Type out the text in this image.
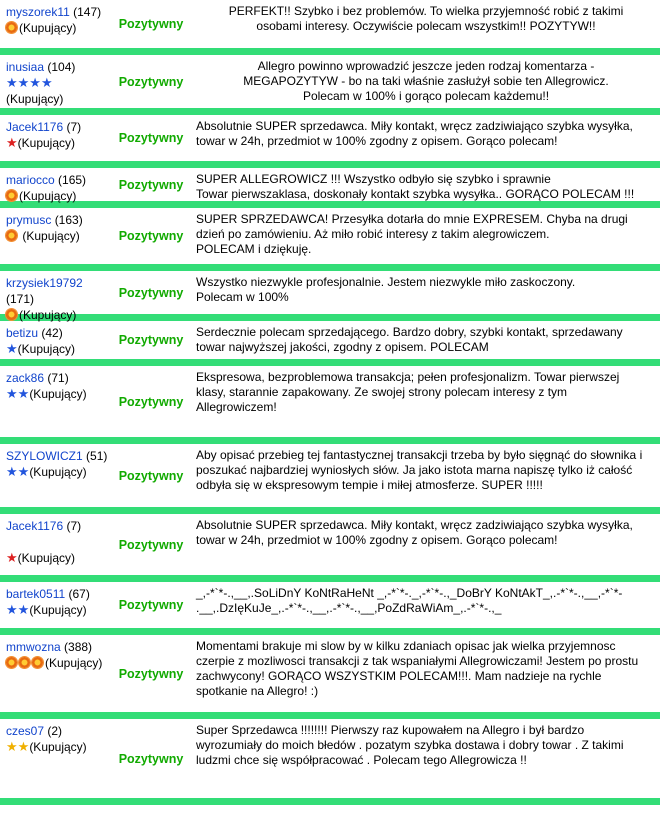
myszorek11 (147)
(Kupujący)	Pozytywny
PERFEKT!! Szybko i bez problemów. To wielka przyjemność robić z takimi
osobami interesy. Oczywiście polecam wszystkim!! POZYTYW!!
inusiaa (104)
★★★★
(Kupujący)
Pozytywny
Allegro powinno wprowadzić jeszcze jeden rodzaj komentarza -
MEGAPOZYTYW - bo na taki właśnie zasłużył sobie ten Allegrowicz.
Polecam w 100% i gorąco polecam każdemu!!
Jacek1176 (7)
★(Kupujący)	Pozytywny
Absolutnie SUPER sprzedawca. Miły kontakt, wręcz zadziwiająco szybka wysyłka,
towar w 24h, przedmiot w 100% zgodny z opisem. Gorąco polecam!
mariocco (165)
(Kupujący)
Pozytywny	SUPER ALLEGROWICZ !!! Wszystko odbyło się szybko i sprawnie
Towar pierwszaklasa, doskonały kontakt szybka wysyłka.. GORĄCO POLECAM !!!
prymusc (163)
(Kupujący)	Pozytywny
SUPER SPRZEDAWCA! Przesyłka dotarła do mnie EXPRESEM. Chyba na drugi
dzień po zamówieniu. Aż miło robić interesy z takim alegrowiczem.
POLECAM i dziękuję.
krzysiek19792 (171)
(Kupujący)
Pozytywny
Wszystko niezwykle profesjonalnie. Jestem niezwykle miło zaskoczony.
Polecam w 100%
betizu (42)
★(Kupujący)
Pozytywny
Serdecznie polecam sprzedającego. Bardzo dobry, szybki kontakt, sprzedawany
towar najwyższej jakości, zgodny z opisem. POLECAM
zack86 (71)
★★(Kupujący)
Pozytywny
Ekspresowa, bezproblemowa transakcja; pełen profesjonalizm. Towar pierwszej
klasy, starannie zapakowany. Ze swojej strony polecam interesy z tym
Allegrowiczem!
SZYLOWICZ1 (51)
★★(Kupujący)	Pozytywny
Aby opisać przebieg tej fantastycznej transakcji trzeba by było sięgnąć do słownika i
poszukać najbardziej wyniosłych słów. Ja jako istota marna napiszę tylko iż całość
odbyła się w ekspresowym tempie i miłej atmosferze. SUPER !!!!!
Jacek1176 (7)

★(Kupujący)
Pozytywny
Absolutnie SUPER sprzedawca. Miły kontakt, wręcz zadziwiająco szybka wysyłka,
towar w 24h, przedmiot w 100% zgodny z opisem. Gorąco polecam!
bartek0511 (67)
★★(Kupujący)	Pozytywny
_,-*`*-.,__,.SoLiDnY KoNtRaHeNt _,-*`*-._,-*`*-.,_DoBrY KoNtAkT_,.-*`*-.,__,-*`*-
.__,.DzIęKuJe_,.-*`*-.,__,.-*`*-.,__,PoZdRaWiAm_,.-*`*-.,_
mmwozna (388)
(Kupujący)
Pozytywny
Momentami brakuje mi slow by w kilku zdaniach opisac jak wielka przyjemnosc
czerpie z mozliwosci transakcji z tak wspaniałymi Allegrowiczami! Jestem po prostu
zachwycony! GORĄCO WSZYSTKIM POLECAM!!!. Mam nadzieje na rychle
spotkanie na Allegro! :)
czes07 (2)
★★(Kupujący)
Pozytywny
Super Sprzedawca !!!!!!!! Pierwszy raz kupowałem na Allegro i był bardzo
wyrozumiały do moich błedów . pozatym szybka dostawa i dobry towar . Z takimi
ludzmi chce się współpracować . Polecam tego Allegrowicza !!
